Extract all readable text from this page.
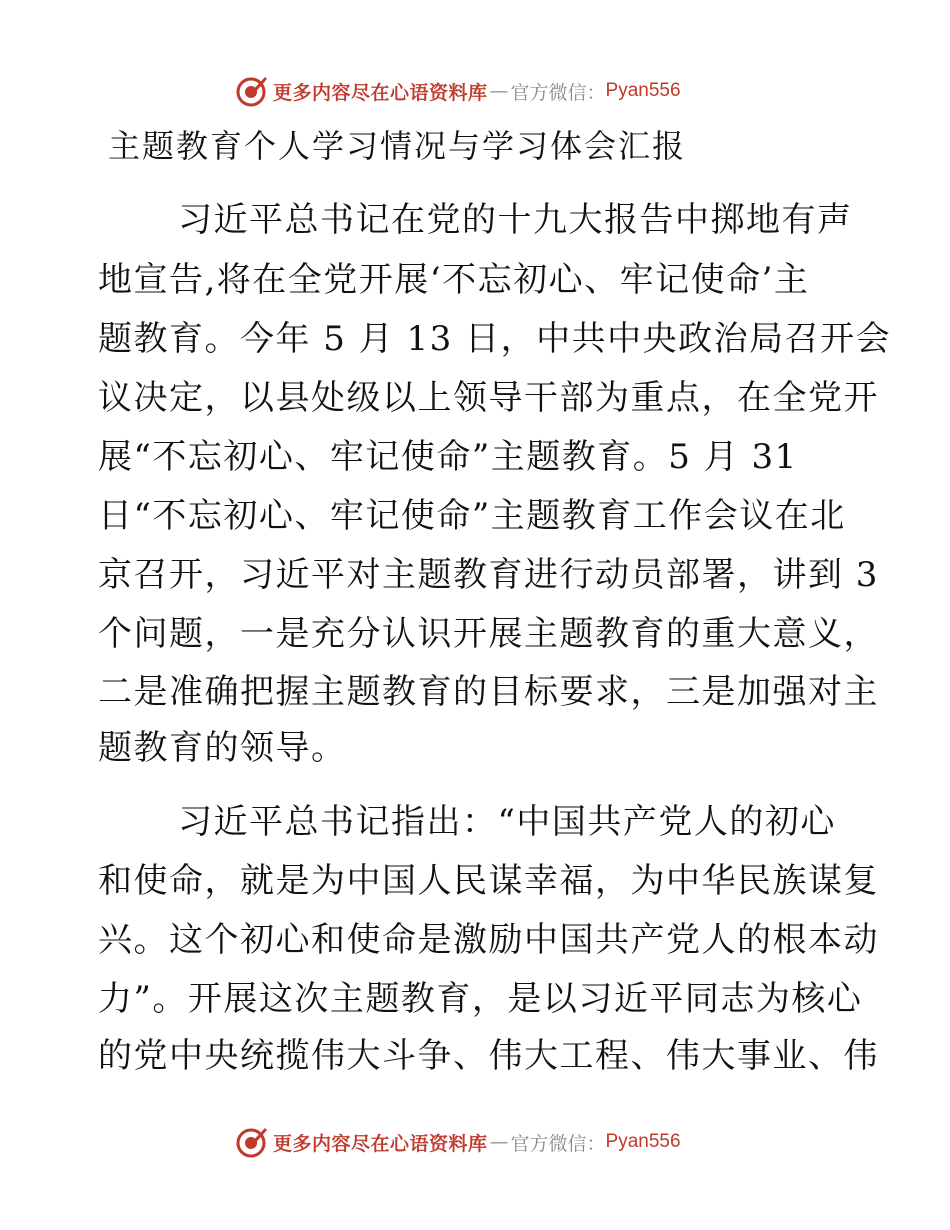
更多内容尽在心语资料库 — 官方微信： Pyan556
主题教育个人学习情况与学习体会汇报
习近平总书记在党的十九大报告中掷地有声
地宣告,将在全党开展‘不忘初心、牢记使命’主
题教育。今年 5 月 13 日，中共中央政治局召开会
议决定，以县处级以上领导干部为重点，在全党开
展“不忘初心、牢记使命”主题教育。5 月 31
日“不忘初心、牢记使命”主题教育工作会议在北
京召开，习近平对主题教育进行动员部署，讲到 3
个问题，一是充分认识开展主题教育的重大意义，
二是准确把握主题教育的目标要求，三是加强对主
题教育的领导。
习近平总书记指出：“中国共产党人的初心
和使命，就是为中国人民谋幸福，为中华民族谋复
兴。这个初心和使命是激励中国共产党人的根本动
力”。开展这次主题教育，是以习近平同志为核心
的党中央统揽伟大斗争、伟大工程、伟大事业、伟
更多内容尽在心语资料库 — 官方微信： Pyan556
